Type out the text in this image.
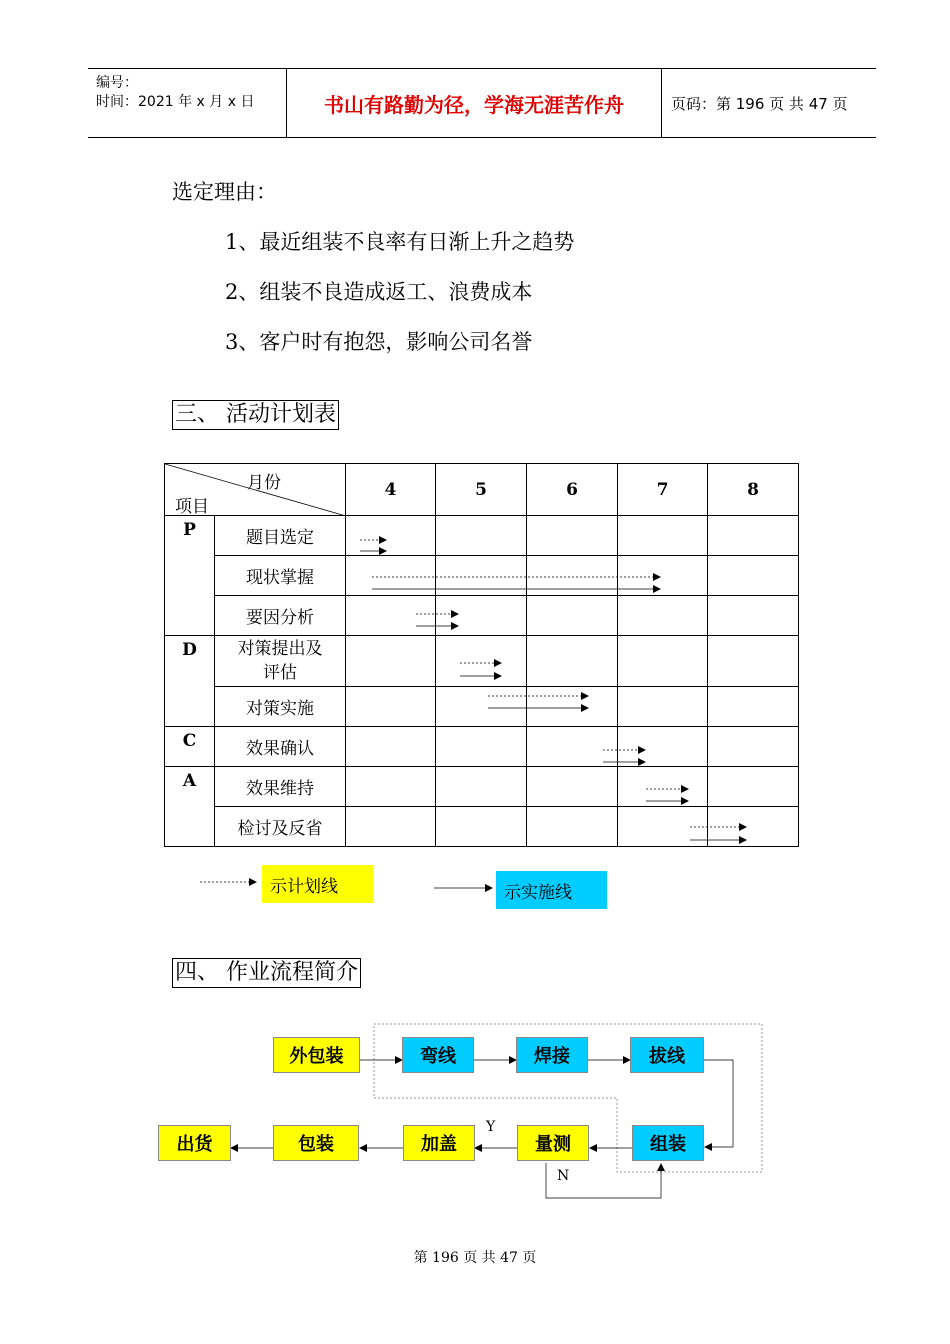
编号：
时间：2021 年 x 月 x 日	书山有路勤为径，学海无涯苦作舟	页码：第 196 页 共 47 页
选定理由：
1、最近组装不良率有日渐上升之趋势
2、组装不良造成返工、浪费成本
3、客户时有抱怨，影响公司名誉
三、 活动计划表
月份
项目		4	5	6	7	8
P	题目选定					
	现状掌握					
	要因分析					
D	对策提出及评估					
	对策实施					
C	效果确认					
A	效果维持					
	检讨及反省					
示计划线	示实施线
四、 作业流程简介
外包装	弯线	焊接	拔线
出货	包装	加盖	量测	组装
Y
N
第 196 页 共 47 页
